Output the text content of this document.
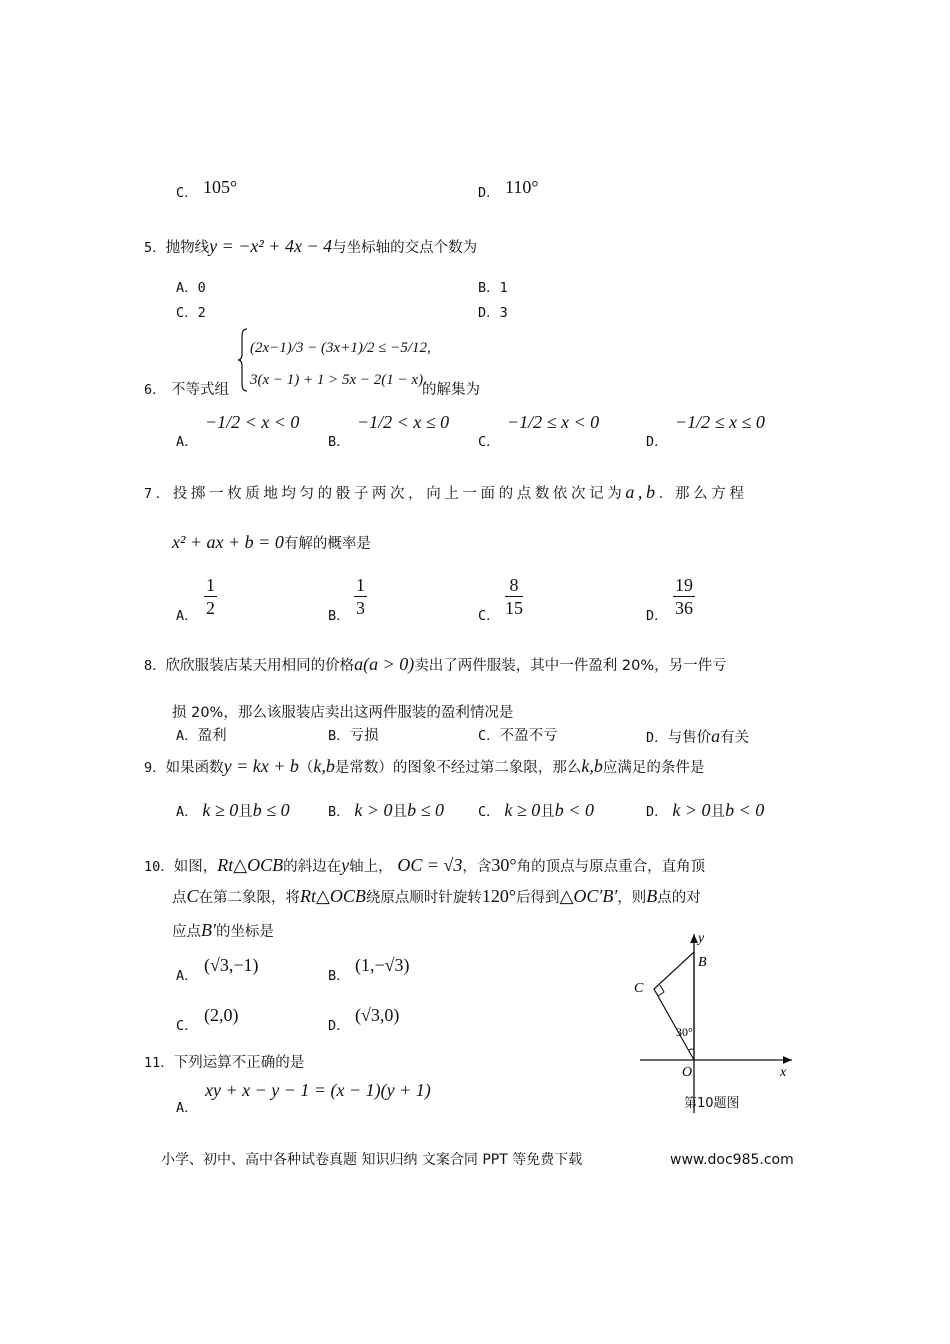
C． 105°	D． 110°
5．抛物线y = −x² + 4x − 4与坐标轴的交点个数为
A．0	B．1
C．2	D．3
(2x−1)/3 − (3x+1)/2 ≤ −5/12,
3(x − 1) + 1 > 5x − 2(1 − x).
6． 不等式组	的解集为
A．
−1/2 < x < 0
B．
−1/2 < x ≤ 0
C．
−1/2 ≤ x < 0
D．
−1/2 ≤ x ≤ 0
7．投掷一枚质地均匀的骰子两次，向上一面的点数依次记为a,b. 那么方程
x² + ax + b = 0有解的概率是
A． $\frac{1}{2}$	B． $\frac{1}{3}$	C． $\frac{8}{15}$	D． $\frac{19}{36}$
8．欣欣服装店某天用相同的价格a(a > 0)卖出了两件服装，其中一件盈利 20%，另一件亏
损 20%，那么该服装店卖出这两件服装的盈利情况是
A．盈利	B．亏损	C．不盈不亏	D．与售价a有关
9．如果函数y = kx + b（k,b是常数）的图象不经过第二象限，那么k,b应满足的条件是
A． k ≥ 0且b ≤ 0	B． k > 0且b ≤ 0	C． k ≥ 0且b < 0	D． k > 0且b < 0
10．如图，Rt△OCB的斜边在y轴上， OC = √3，含30°角的顶点与原点重合，直角顶
点C在第二象限，将Rt△OCB绕原点顺时针旋转120°后得到△OC′B′，则B点的对
应点B′的坐标是
A．
(√3,−1)
B．
(1,−√3)
C．
(2,0)
D．
(√3,0)
y
B
C
30°
O	x
第10题图
11．下列运算不正确的是
A．
xy + x − y − 1 = (x − 1)(y + 1)
小学、初中、高中各种试卷真题 知识归纳 文案合同 PPT 等免费下载	www.doc985.com
